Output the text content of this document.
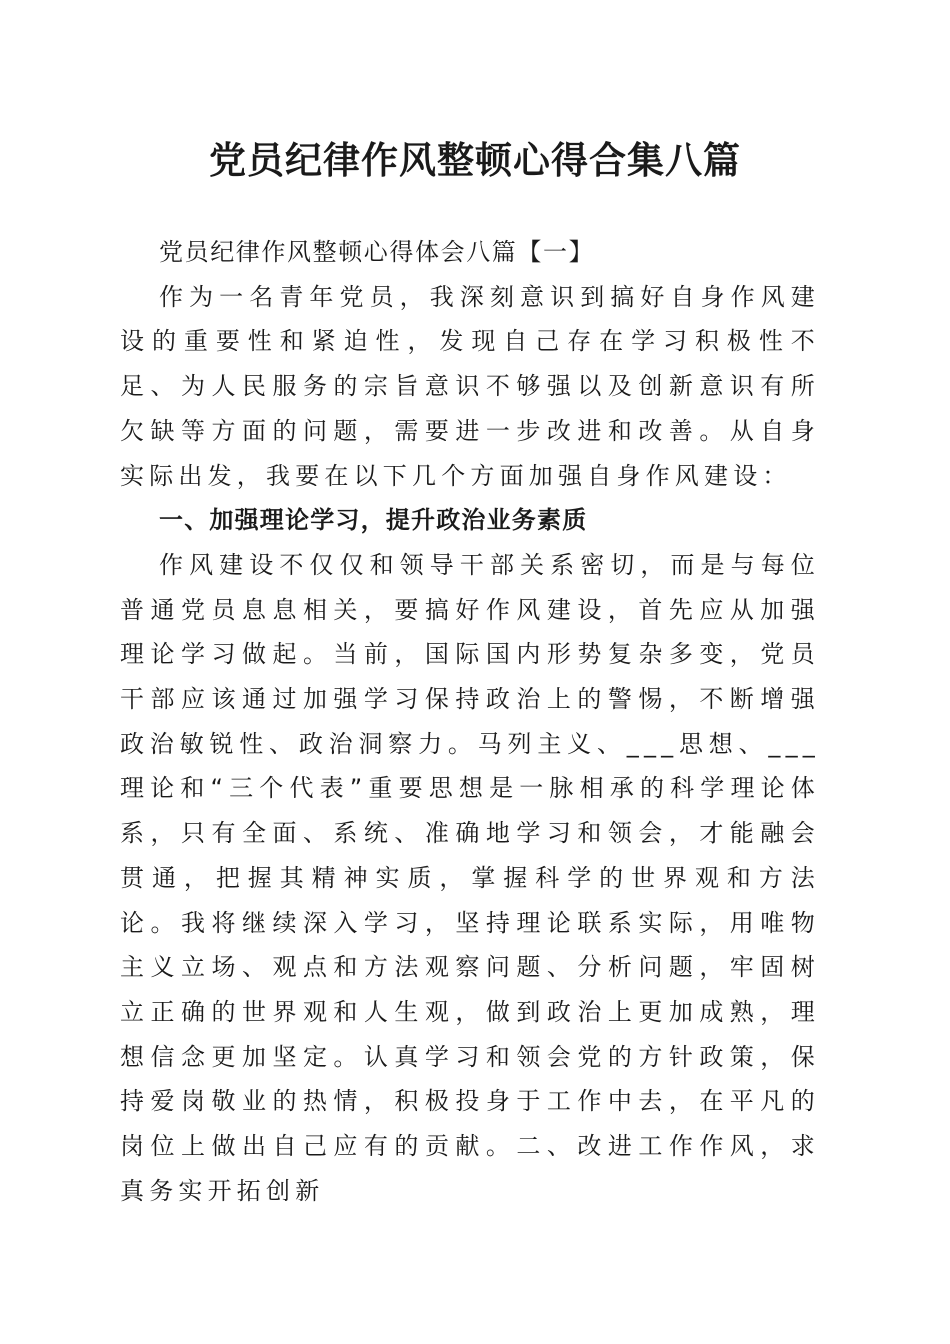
党员纪律作风整顿心得合集八篇

党员纪律作风整顿心得体会八篇【一】

作为一名青年党员，我深刻意识到搞好自身作风建设的重要性和紧迫性，发现自己存在学习积极性不足、为人民服务的宗旨意识不够强以及创新意识有所欠缺等方面的问题，需要进一步改进和改善。从自身实际出发，我要在以下几个方面加强自身作风建设：

一、加强理论学习，提升政治业务素质

作风建设不仅仅和领导干部关系密切，而是与每位普通党员息息相关，要搞好作风建设，首先应从加强理论学习做起。当前，国际国内形势复杂多变，党员干部应该通过加强学习保持政治上的警惕，不断增强政治敏锐性、政治洞察力。马列主义、___思想、___理论和“三个代表”重要思想是一脉相承的科学理论体系，只有全面、系统、准确地学习和领会，才能融会贯通，把握其精神实质，掌握科学的世界观和方法论。我将继续深入学习，坚持理论联系实际，用唯物主义立场、观点和方法观察问题、分析问题，牢固树立正确的世界观和人生观，做到政治上更加成熟，理想信念更加坚定。认真学习和领会党的方针政策，保持爱岗敬业的热情，积极投身于工作中去，在平凡的岗位上做出自己应有的贡献。二、改进工作作风，求真务实开拓创新
